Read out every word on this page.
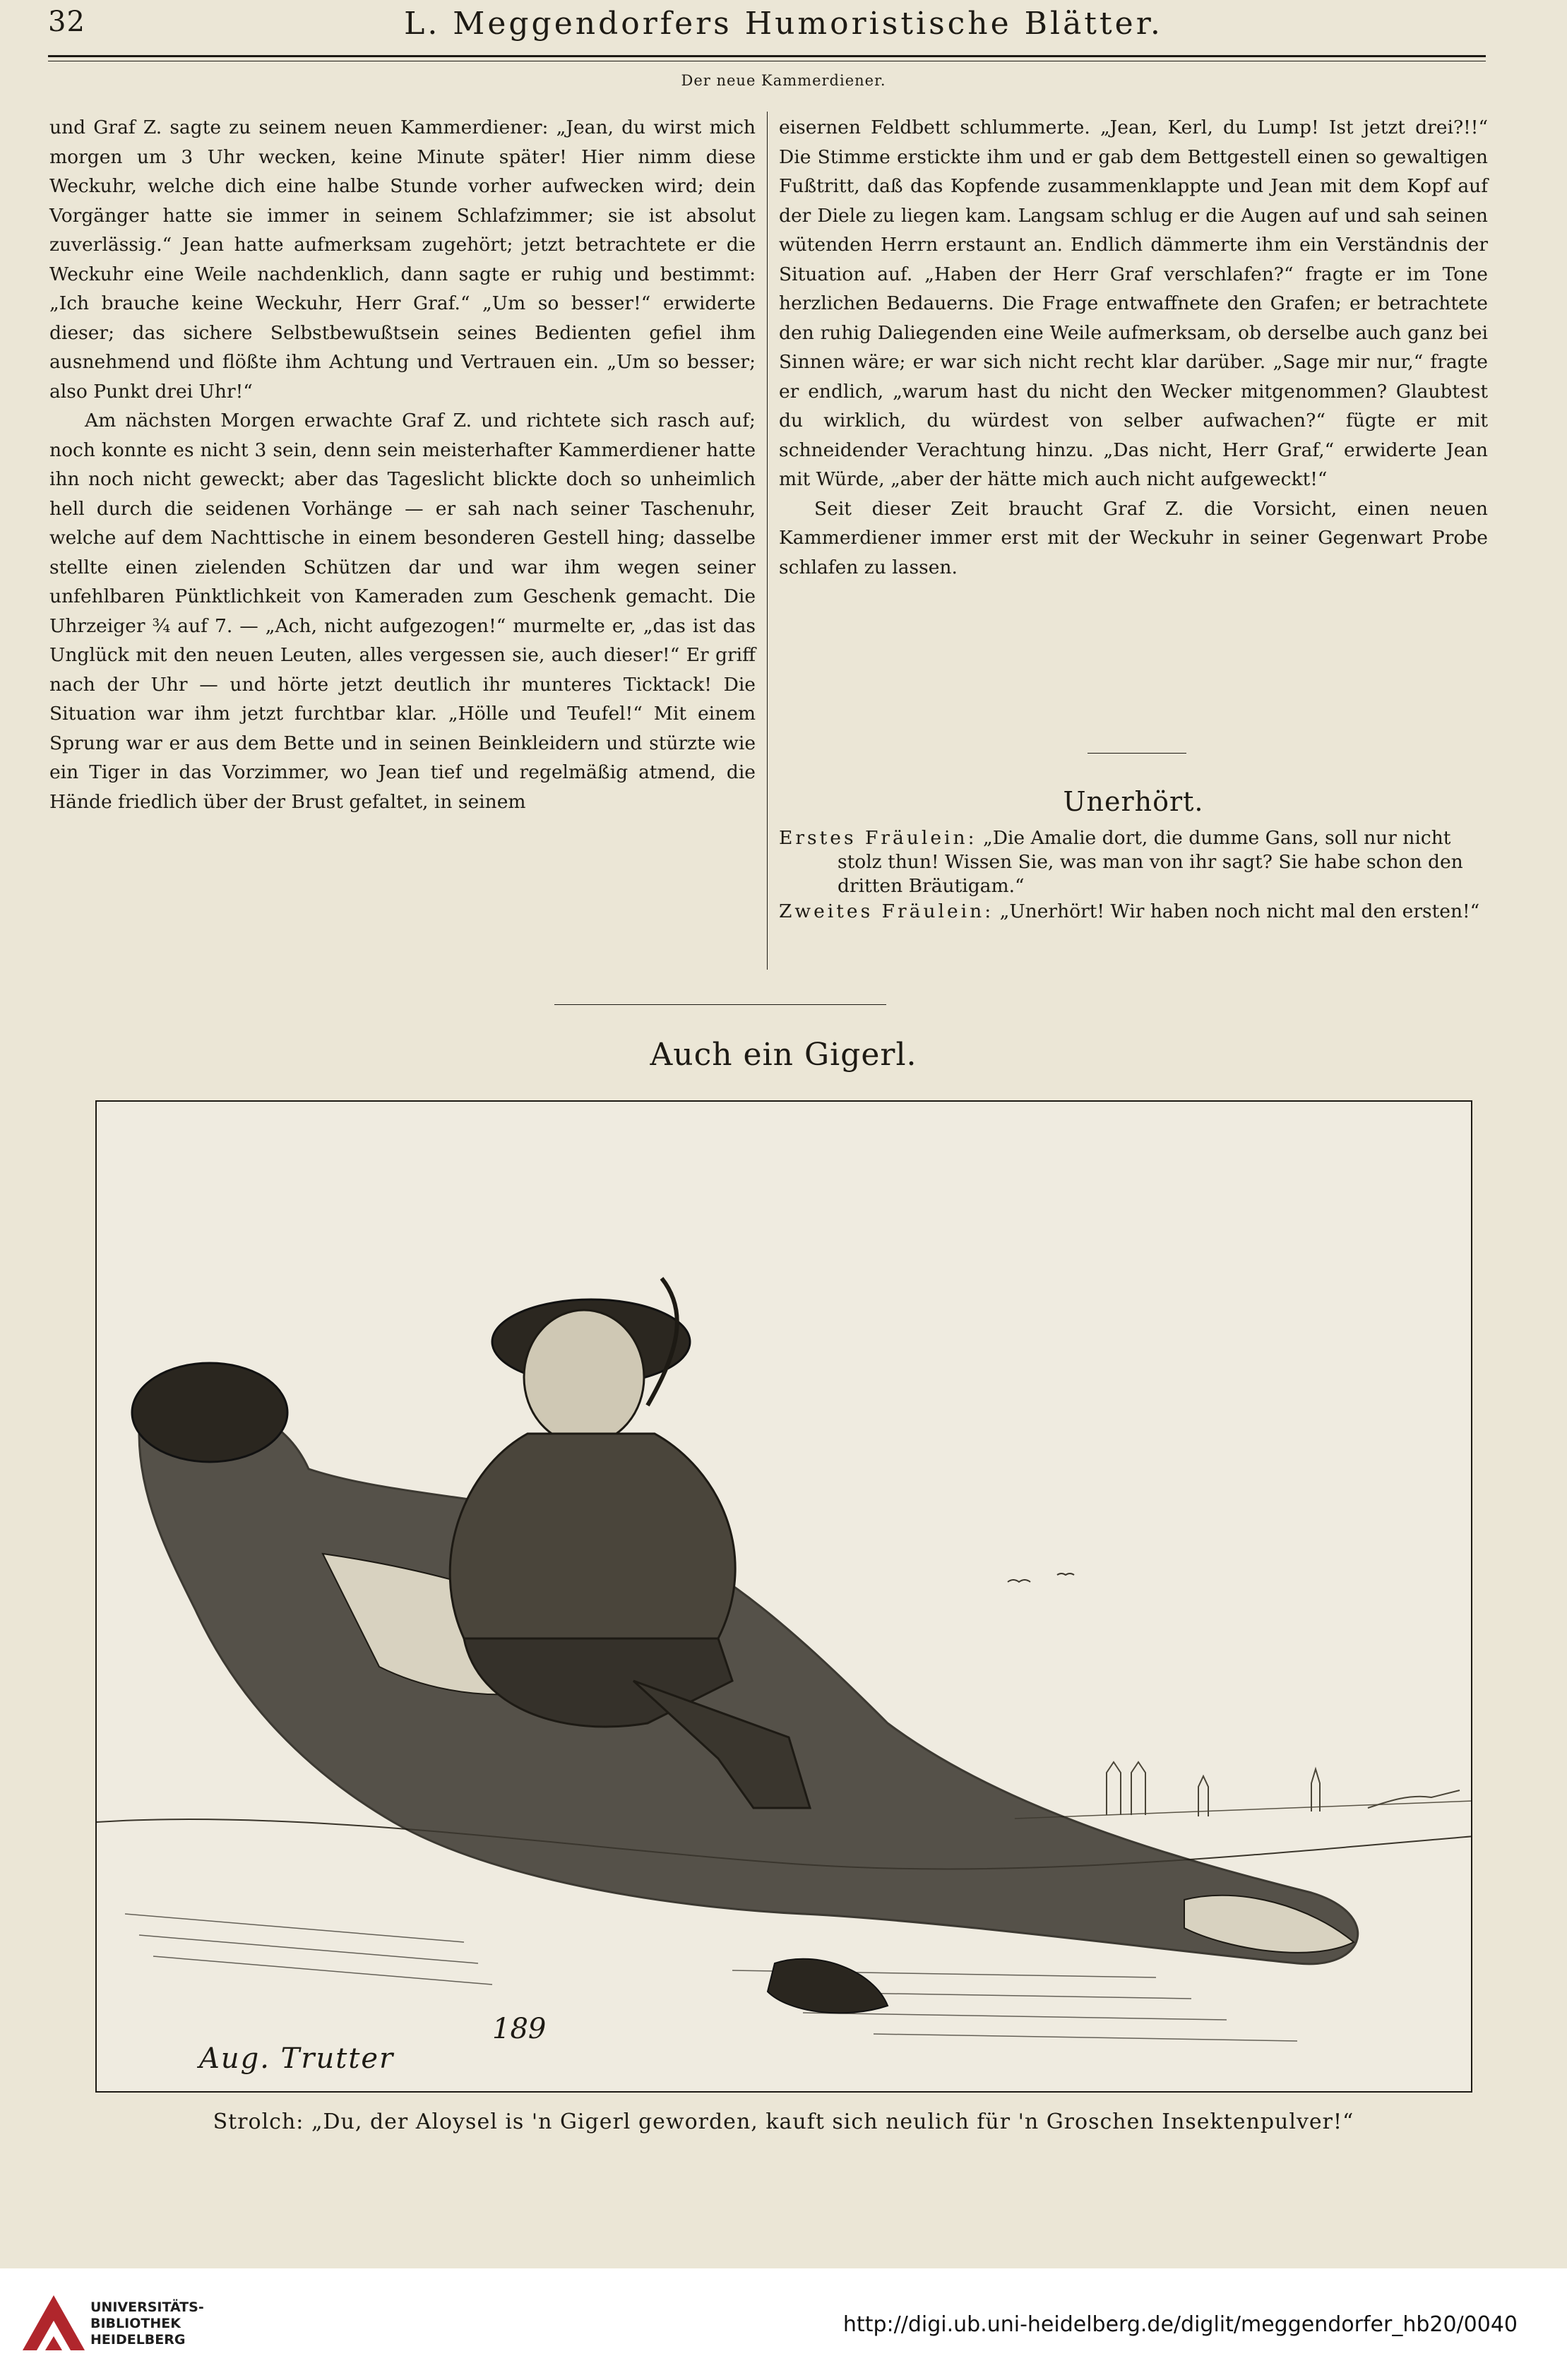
32	L. Meggendorfers Humoristische Blätter.
Der neue Kammerdiener.

und Graf Z. sagte zu seinem neuen Kammerdiener: „Jean, du wirst mich morgen um 3 Uhr wecken, keine Minute später! Hier nimm diese Weckuhr, welche dich eine halbe Stunde vorher aufwecken wird; dein Vorgänger hatte sie immer in seinem Schlafzimmer; sie ist absolut zuverlässig.“ Jean hatte aufmerksam zugehört; jetzt betrachtete er die Weckuhr eine Weile nachdenklich, dann sagte er ruhig und bestimmt: „Ich brauche keine Weckuhr, Herr Graf.“ „Um so besser!“ erwiderte dieser; das sichere Selbstbewußtsein seines Bedienten gefiel ihm ausnehmend und flößte ihm Achtung und Vertrauen ein. „Um so besser; also Punkt drei Uhr!“

Am nächsten Morgen erwachte Graf Z. und richtete sich rasch auf; noch konnte es nicht 3 sein, denn sein meisterhafter Kammerdiener hatte ihn noch nicht geweckt; aber das Tageslicht blickte doch so unheimlich hell durch die seidenen Vorhänge — er sah nach seiner Taschenuhr, welche auf dem Nachttische in einem besonderen Gestell hing; dasselbe stellte einen zielenden Schützen dar und war ihm wegen seiner unfehlbaren Pünktlichkeit von Kameraden zum Geschenk gemacht. Die Uhrzeiger ¾ auf 7. — „Ach, nicht aufgezogen!“ murmelte er, „das ist das Unglück mit den neuen Leuten, alles vergessen sie, auch dieser!“ Er griff nach der Uhr — und hörte jetzt deutlich ihr munteres Ticktack! Die Situation war ihm jetzt furchtbar klar. „Hölle und Teufel!“ Mit einem Sprung war er aus dem Bette und in seinen Beinkleidern und stürzte wie ein Tiger in das Vorzimmer, wo Jean tief und regelmäßig atmend, die Hände friedlich über der Brust gefaltet, in seinem

eisernen Feldbett schlummerte. „Jean, Kerl, du Lump! Ist jetzt drei?!!“ Die Stimme erstickte ihm und er gab dem Bettgestell einen so gewaltigen Fußtritt, daß das Kopfende zusammenklappte und Jean mit dem Kopf auf der Diele zu liegen kam. Langsam schlug er die Augen auf und sah seinen wütenden Herrn erstaunt an. Endlich dämmerte ihm ein Verständnis der Situation auf. „Haben der Herr Graf verschlafen?“ fragte er im Tone herzlichen Bedauerns. Die Frage entwaffnete den Grafen; er betrachtete den ruhig Daliegenden eine Weile aufmerksam, ob derselbe auch ganz bei Sinnen wäre; er war sich nicht recht klar darüber. „Sage mir nur,“ fragte er endlich, „warum hast du nicht den Wecker mitgenommen? Glaubtest du wirklich, du würdest von selber aufwachen?“ fügte er mit schneidender Verachtung hinzu. „Das nicht, Herr Graf,“ erwiderte Jean mit Würde, „aber der hätte mich auch nicht aufgeweckt!“

Seit dieser Zeit braucht Graf Z. die Vorsicht, einen neuen Kammerdiener immer erst mit der Weckuhr in seiner Gegenwart Probe schlafen zu lassen.

Unerhört.
Erstes Fräulein: „Die Amalie dort, die dumme Gans, soll nur nicht stolz thun! Wissen Sie, was man von ihr sagt? Sie habe schon den dritten Bräutigam.“
Zweites Fräulein: „Unerhört! Wir haben noch nicht mal den ersten!“
Auch ein Gigerl.
189
Aug. Trutter
Strolch: „Du, der Aloysel is 'n Gigerl geworden, kauft sich neulich für 'n Groschen Insektenpulver!“
UNIVERSITÄTS-
BIBLIOTHEK
HEIDELBERG
http://digi.ub.uni-heidelberg.de/diglit/meggendorfer_hb20/0040
